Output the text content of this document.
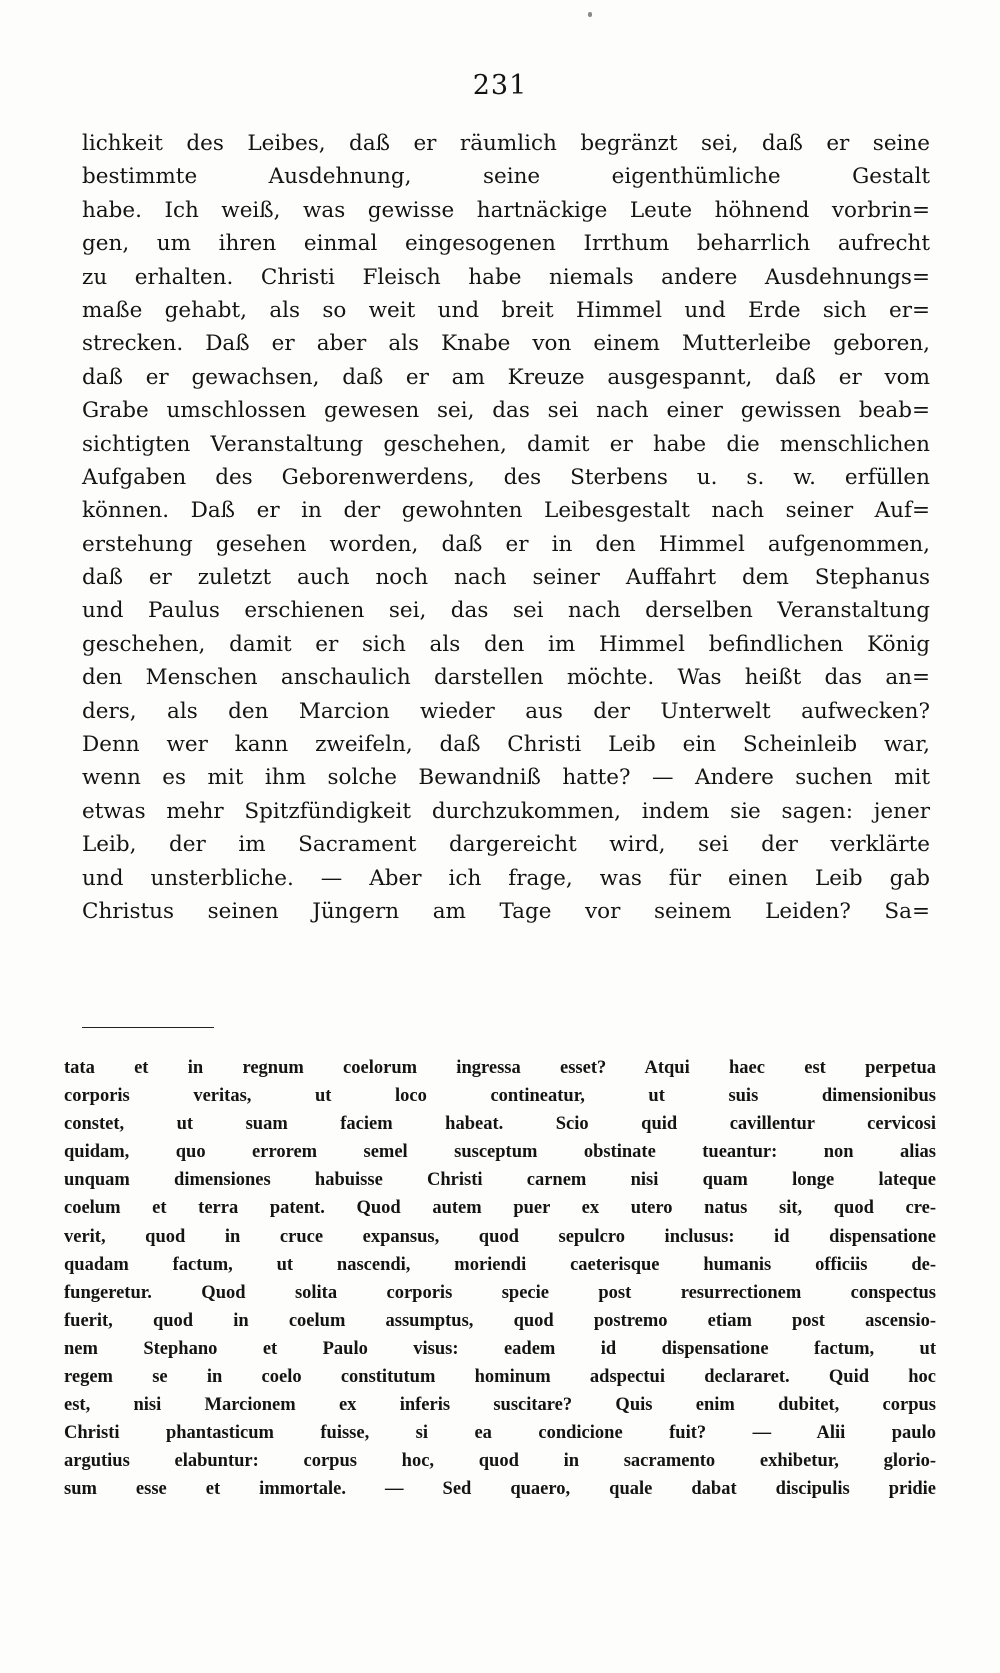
231
lichkeit des Leibes, daß er räumlich begränzt sei, daß er seine
bestimmte Ausdehnung, seine eigenthümliche Gestalt
habe. Ich weiß, was gewisse hartnäckige Leute höhnend vorbrin=
gen, um ihren einmal eingesogenen Irrthum beharrlich aufrecht
zu erhalten. Christi Fleisch habe niemals andere Ausdehnungs=
maße gehabt, als so weit und breit Himmel und Erde sich er=
strecken. Daß er aber als Knabe von einem Mutterleibe geboren,
daß er gewachsen, daß er am Kreuze ausgespannt, daß er vom
Grabe umschlossen gewesen sei, das sei nach einer gewissen beab=
sichtigten Veranstaltung geschehen, damit er habe die menschlichen
Aufgaben des Geborenwerdens, des Sterbens u. s. w. erfüllen
können. Daß er in der gewohnten Leibesgestalt nach seiner Auf=
erstehung gesehen worden, daß er in den Himmel aufgenommen,
daß er zuletzt auch noch nach seiner Auffahrt dem Stephanus
und Paulus erschienen sei, das sei nach derselben Veranstaltung
geschehen, damit er sich als den im Himmel befindlichen König
den Menschen anschaulich darstellen möchte. Was heißt das an=
ders, als den Marcion wieder aus der Unterwelt aufwecken?
Denn wer kann zweifeln, daß Christi Leib ein Scheinleib war,
wenn es mit ihm solche Bewandniß hatte? — Andere suchen mit
etwas mehr Spitzfündigkeit durchzukommen, indem sie sagen: jener
Leib, der im Sacrament dargereicht wird, sei der verklärte
und unsterbliche. — Aber ich frage, was für einen Leib gab
Christus seinen Jüngern am Tage vor seinem Leiden? Sa=
tata et in regnum coelorum ingressa esset? Atqui haec est perpetua
corporis veritas, ut loco contineatur, ut suis dimensionibus
constet, ut suam faciem habeat. Scio quid cavillentur cervicosi
quidam, quo errorem semel susceptum obstinate tueantur: non alias
unquam dimensiones habuisse Christi carnem nisi quam longe lateque
coelum et terra patent. Quod autem puer ex utero natus sit, quod cre-
verit, quod in cruce expansus, quod sepulcro inclusus: id dispensatione
quadam factum, ut nascendi, moriendi caeterisque humanis officiis de-
fungeretur. Quod solita corporis specie post resurrectionem conspectus
fuerit, quod in coelum assumptus, quod postremo etiam post ascensio-
nem Stephano et Paulo visus: eadem id dispensatione factum, ut
regem se in coelo constitutum hominum adspectui declararet. Quid hoc
est, nisi Marcionem ex inferis suscitare? Quis enim dubitet, corpus
Christi phantasticum fuisse, si ea condicione fuit? — Alii paulo
argutius elabuntur: corpus hoc, quod in sacramento exhibetur, glorio-
sum esse et immortale. — Sed quaero, quale dabat discipulis pridie
